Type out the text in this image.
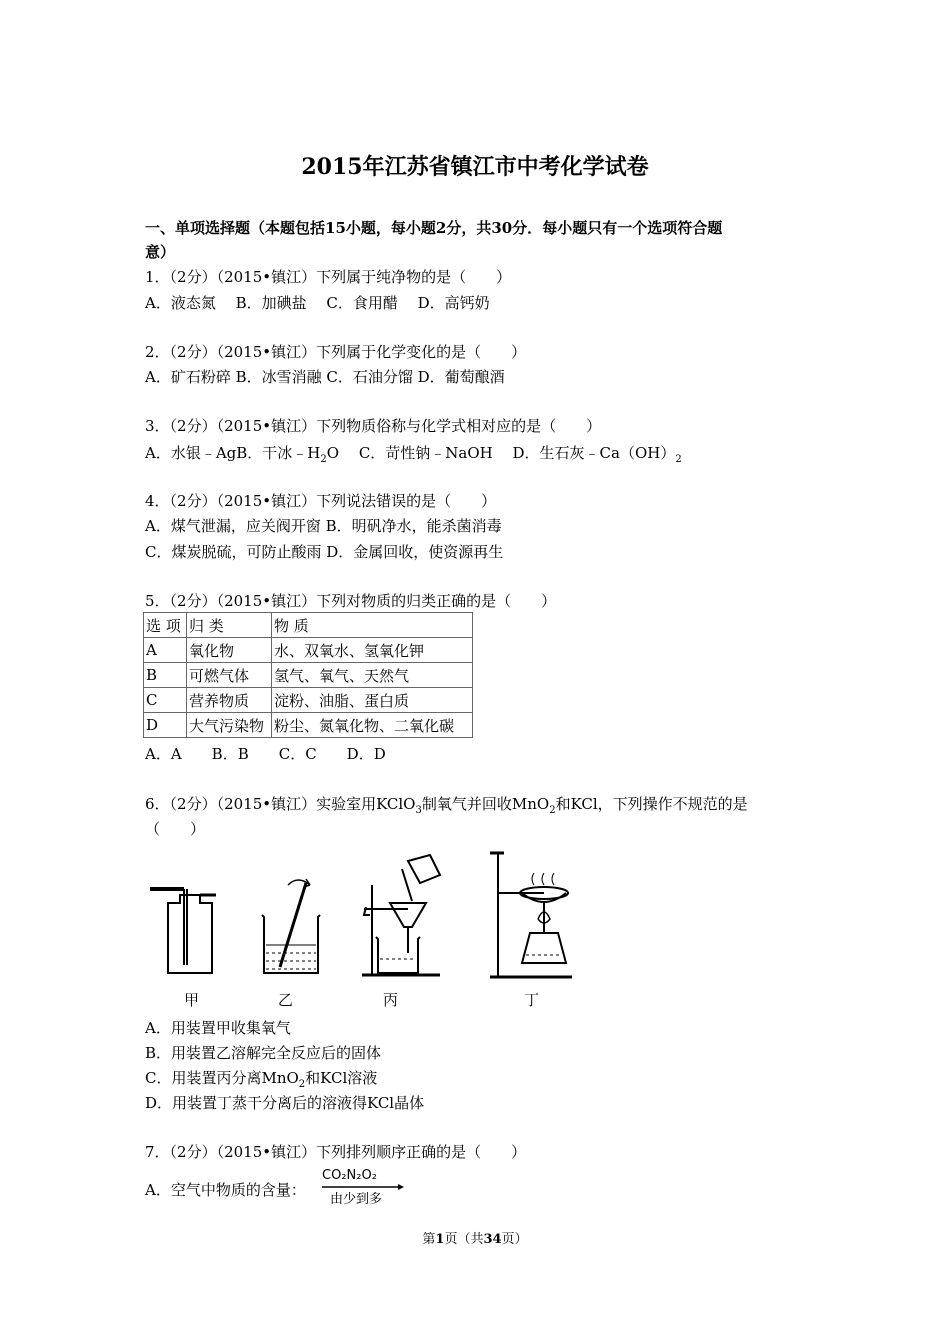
2015年江苏省镇江市中考化学试卷
一、单项选择题（本题包括15小题，每小题2分，共30分．每小题只有一个选项符合题
意）
1．（2分）（2015•镇江）下列属于纯净物的是（　　）
A．液态氮　 B．加碘盐　 C．食用醋　 D．高钙奶
2．（2分）（2015•镇江）下列属于化学变化的是（　　）
A．矿石粉碎 B．冰雪消融 C．石油分馏 D．葡萄酿酒
3．（2分）（2015•镇江）下列物质俗称与化学式相对应的是（　　）
A．水银﹣AgB．干冰$﹣H_2O$　 C．苛性钠﹣NaOH　 D．生石灰$﹣Ca(OH)_2$
4．（2分）（2015•镇江）下列说法错误的是（　　）
A．煤气泄漏，应关阀开窗 B．明矾净水，能杀菌消毒
C．煤炭脱硫，可防止酸雨 D．金属回收，使资源再生
5．（2分）（2015•镇江）下列对物质的归类正确的是（　　）
选 项	归 类	物 质
A	氧化物	水、双氧水、氢氧化钾
B	可燃气体	氢气、氧气、天然气
C	营养物质	淀粉、油脂、蛋白质
D	大气污染物	粉尘、氮氧化物、二氧化碳
A．A　　B．B　　C．C　　D．D
6．（2分）（2015•镇江）实验室用KClO$_3$制氧气并回收MnO$_2$和KCl，下列操作不规范的是
（　　）
甲	乙	丙	丁
A．用装置甲收集氧气
B．用装置乙溶解完全反应后的固体
C．用装置丙分离MnO$_2$和KCl溶液
D．用装置丁蒸干分离后的溶液得KCl晶体
7．（2分）（2015•镇江）下列排列顺序正确的是（　　）
A．空气中物质的含量：
CO₂N₂O₂
由少到多
第1页（共34页）
